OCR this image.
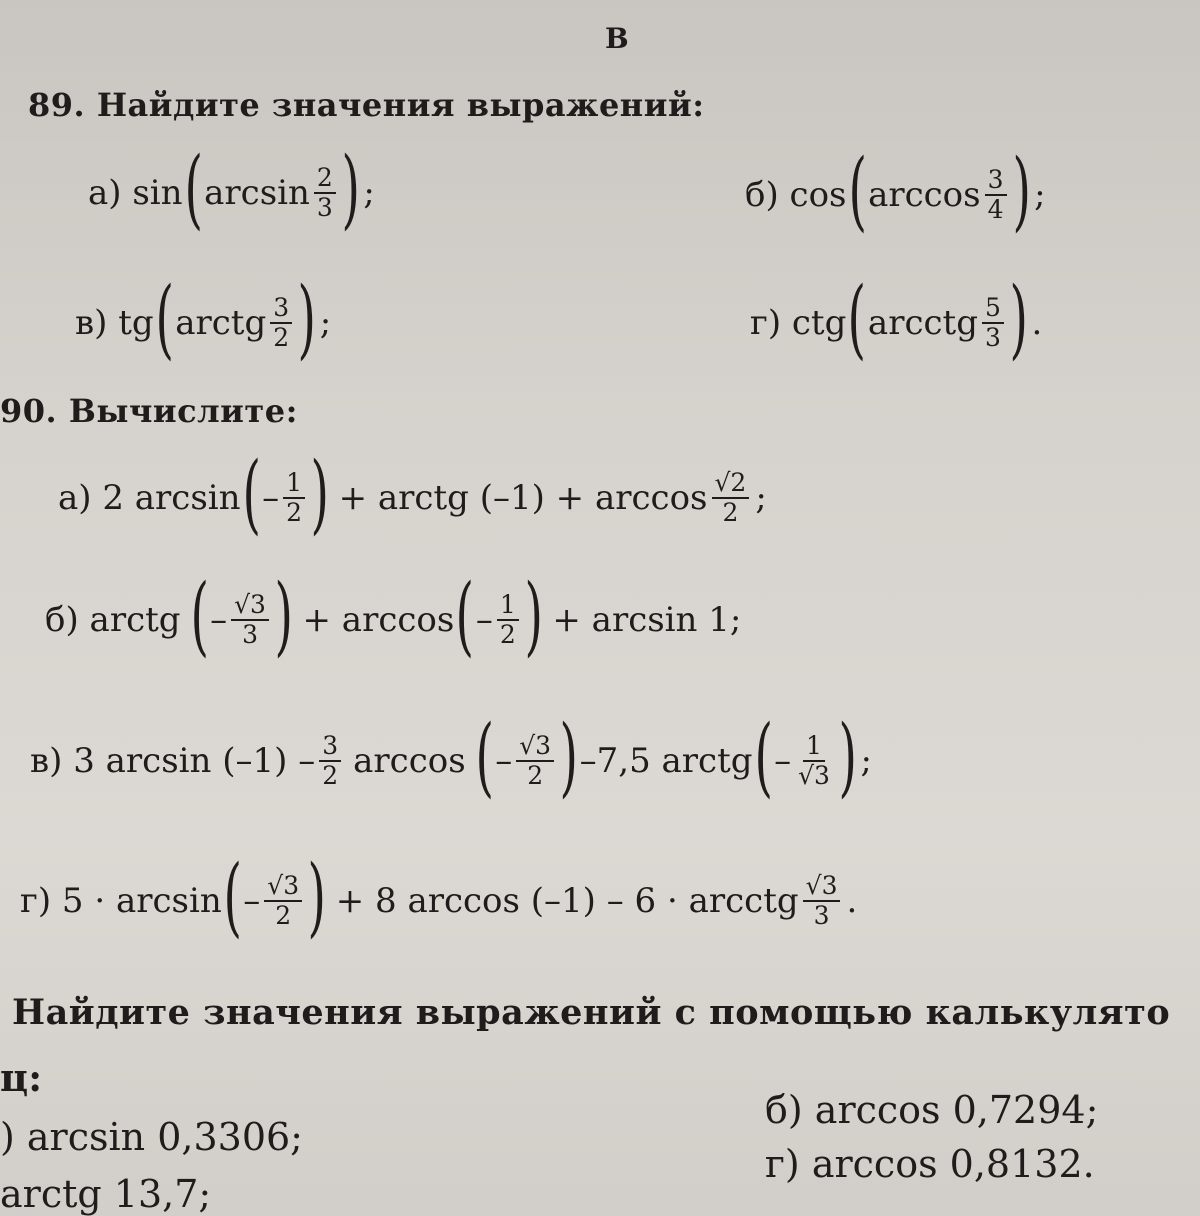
В
89. Найдите значения выражений:
а) sin ( $\arcsin \frac{2}{3}$ ) ;	б) cos ( $\arccos \frac{3}{4}$ ) ;
в) tg ( arctg $\frac{3}{2}$ ) ;	г) ctg ( arcctg $\frac{5}{3}$ ) .
90. Вычислите:
а) 2 arcsin ( – $\frac{1}{2}$ ) + arctg $(-1) + \arccos \frac{√2}{2}$ ;
б) arctg ( – $\frac{√3}{3}$ ) + arccos ( – $\frac{1}{2}$ ) + arcsin 1;
в) 3 $\arcsin (-1) - \frac{3}{2}$ arccos ( – $\frac{√3}{2}$ ) –7,5 arctg ( – $\frac{1}{√3}$ ) ;
г) 5 · arcsin ( – $\frac{√3}{2}$ ) + 8 arccos (–1) – 6 · arcctg $\frac{√3}{3}$ .
Найдите значения выражений с помощью калькулято
ц:
) arcsin 0,3306;
б) arccos 0,7294;
arctg 13,7;
г) arccos 0,8132.
